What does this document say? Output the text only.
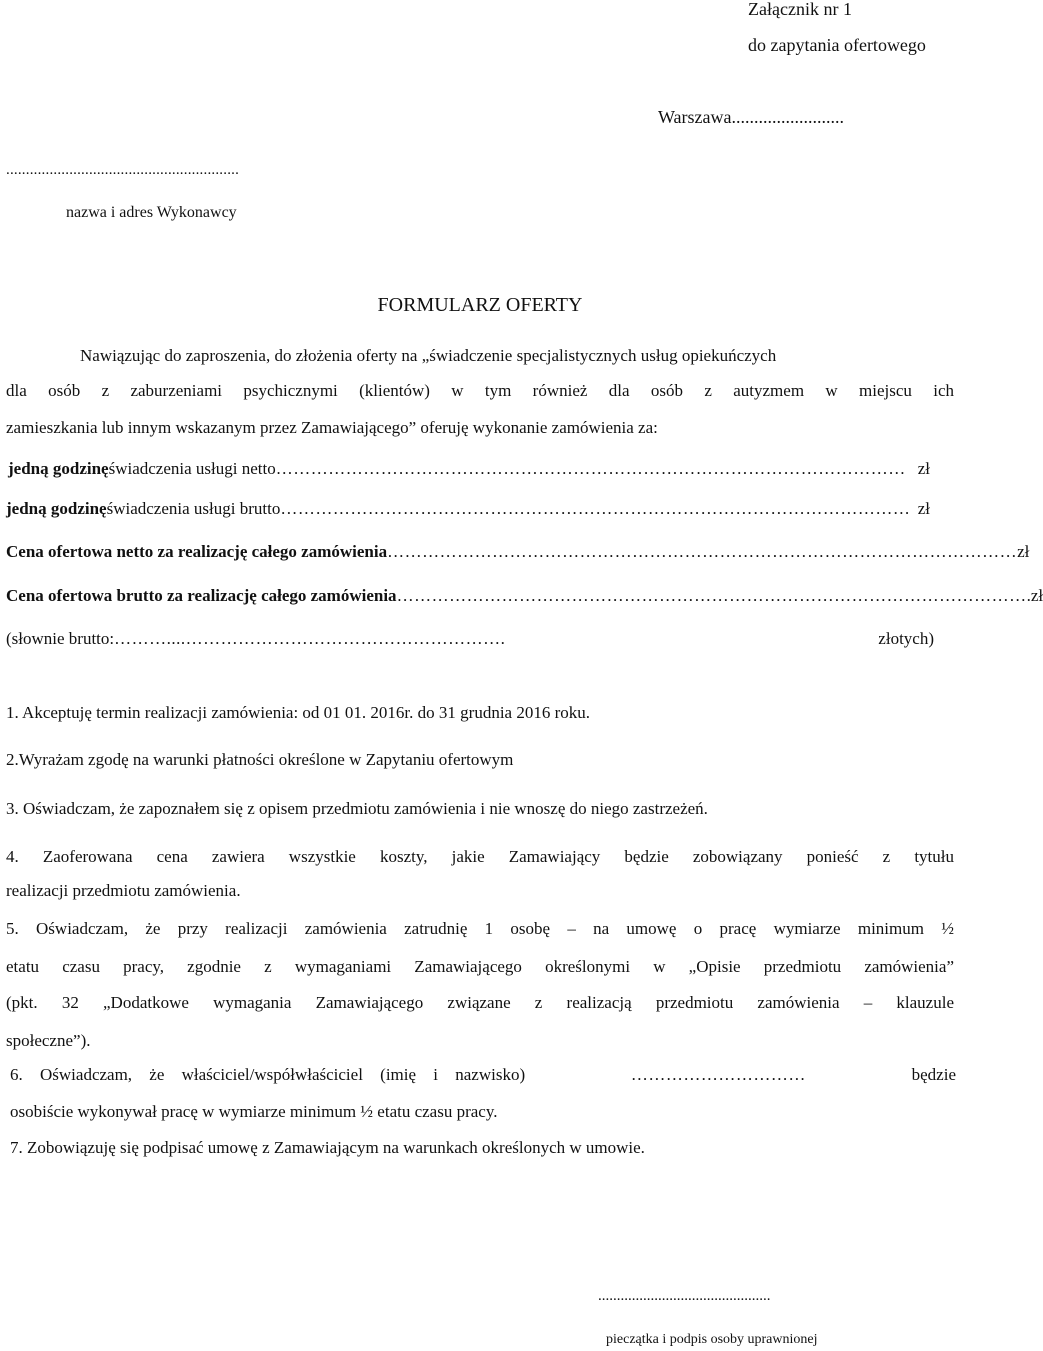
Załącznik nr 1
do zapytania ofertowego
Warszawa.........................
...........................................................
nazwa i adres Wykonawcy
FORMULARZ OFERTY
Nawiązując do zaproszenia, do złożenia oferty na „świadczenie specjalistycznych usług opiekuńczych
dla osób z zaburzeniami psychicznymi (klientów) w tym również dla osób z autyzmem w miejscu ich
zamieszkania lub innym wskazanym przez Zamawiającego” oferuję wykonanie zamówienia za:
jedną godzinę świadczenia usługi netto ……………………………………………………………………………………………… zł
jedną godzinę świadczenia usługi brutto ……………………………………………………………………………………………… zł
Cena ofertowa netto za realizację całego zamówienia ……………………………………………………………………………………………… zł
Cena ofertowa brutto za realizację całego zamówienia ……………………………………………………………………………………………… .zł
(słownie brutto: ………....……………………………………………….	złotych)
1. Akceptuję termin realizacji zamówienia: od 01 01. 2016r. do 31 grudnia 2016 roku.
2.Wyrażam zgodę na warunki płatności określone w Zapytaniu ofertowym
3. Oświadczam, że zapoznałem się z opisem przedmiotu zamówienia i nie wnoszę do niego zastrzeżeń.
4. Zaoferowana cena zawiera wszystkie koszty, jakie Zamawiający będzie zobowiązany ponieść z tytułu
realizacji przedmiotu zamówienia.
5. Oświadczam, że przy realizacji zamówienia zatrudnię 1 osobę – na umowę o pracę wymiarze minimum ½
etatu czasu pracy, zgodnie z wymaganiami Zamawiającego określonymi w „Opisie przedmiotu zamówienia”
(pkt. 32 „Dodatkowe wymagania Zamawiającego związane z realizacją przedmiotu zamówienia – klauzule
społeczne”).
6. Oświadczam, że właściciel/współwłaściciel (imię i nazwisko)	…………………………	będzie
osobiście wykonywał pracę w wymiarze minimum ½ etatu czasu pracy.
7. Zobowiązuję się podpisać umowę z Zamawiającym na warunkach określonych w umowie.
..............................................
pieczątka i podpis osoby uprawnionej
